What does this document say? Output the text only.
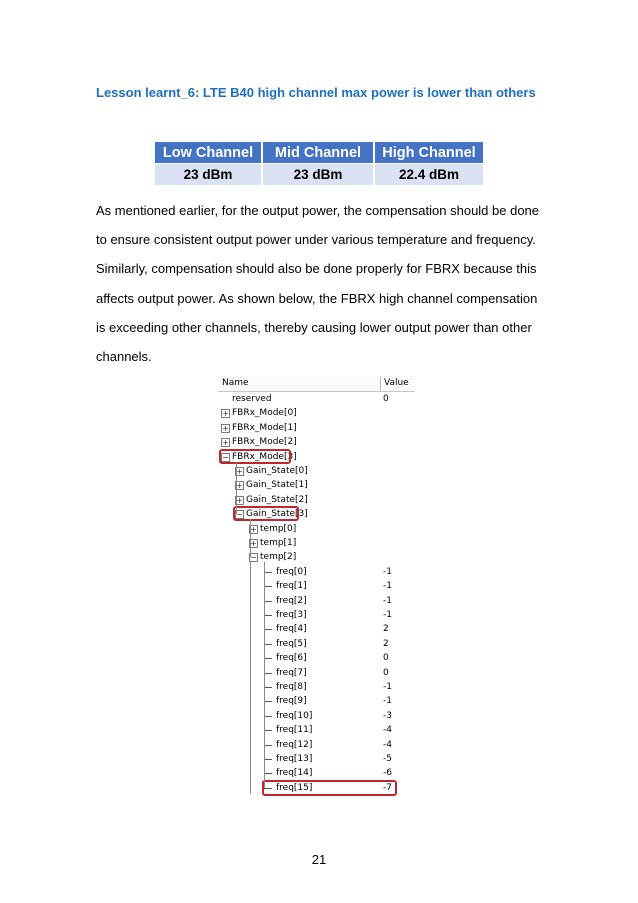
Lesson learnt_6: LTE B40 high channel max power is lower than others
Low Channel	Mid Channel	High Channel
23 dBm	23 dBm	22.4 dBm
As mentioned earlier, for the output power, the compensation should be done
to ensure consistent output power under various temperature and frequency.
Similarly, compensation should also be done properly for FBRX because this
affects output power. As shown below, the FBRX high channel compensation
is exceeding other channels, thereby causing lower output power than other
channels.
Name	Value
reserved	0
+ FBRx_Mode[0]
+ FBRx_Mode[1]
+ FBRx_Mode[2]
− FBRx_Mode[3]
+ Gain_State[0]
+ Gain_State[1]
+ Gain_State[2]
− Gain_State[3]
+ temp[0]
+ temp[1]
− temp[2]
freq[0]	-1
freq[1]	-1
freq[2]	-1
freq[3]	-1
freq[4]	2
freq[5]	2
freq[6]	0
freq[7]	0
freq[8]	-1
freq[9]	-1
freq[10]	-3
freq[11]	-4
freq[12]	-4
freq[13]	-5
freq[14]	-6
freq[15]	-7
21
